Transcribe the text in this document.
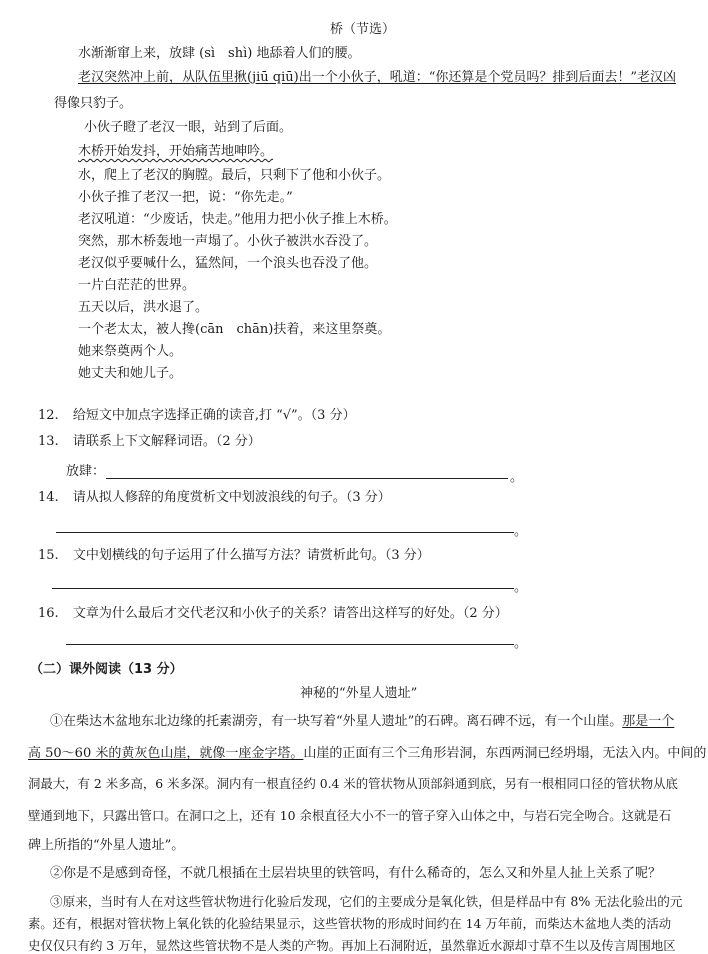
桥（节选）
水渐渐窜上来，放肆 (sì　shì) 地舔着人们的腰。
老汉突然冲上前，从队伍里揪(jiū qiū)出一个小伙子，吼道：“你还算是个党员吗？排到后面去！”老汉凶
得像只豹子。
小伙子瞪了老汉一眼，站到了后面。
木桥开始发抖，开始痛苦地呻吟。
水，爬上了老汉的胸膛。最后，只剩下了他和小伙子。
小伙子推了老汉一把，说：“你先走。”
老汉吼道：“少废话，快走。”他用力把小伙子推上木桥。
突然，那木桥轰地一声塌了。小伙子被洪水吞没了。
老汉似乎要喊什么，猛然间，一个浪头也吞没了他。
一片白茫茫的世界。
五天以后，洪水退了。
一个老太太，被人搀(cān　chān)扶着，来这里祭奠。
她来祭奠两个人。
她丈夫和她儿子。
12. 给短文中加点字选择正确的读音,打 “√”。（3 分）
13. 请联系上下文解释词语。（2 分）
放肆：	。
14. 请从拟人修辞的角度赏析文中划波浪线的句子。（3 分）
。
15. 文中划横线的句子运用了什么描写方法？请赏析此句。（3 分）
。
16. 文章为什么最后才交代老汉和小伙子的关系？请答出这样写的好处。（2 分）
。
（二）课外阅读（13 分）
神秘的“外星人遗址”
①在柴达木盆地东北边缘的托素湖旁，有一块写着“外星人遗址”的石碑。离石碑不远，有一个山崖。那是一个
高 50～60 米的黄灰色山崖，就像一座金字塔。山崖的正面有三个三角形岩洞，东西两洞已经坍塌，无法入内。中间的
洞最大，有 2 米多高，6 米多深。洞内有一根直径约 0.4 米的管状物从顶部斜通到底，另有一根相同口径的管状物从底
壁通到地下，只露出管口。在洞口之上，还有 10 余根直径大小不一的管子穿入山体之中，与岩石完全吻合。这就是石
碑上所指的“外星人遗址”。
②你是不是感到奇怪，不就几根插在土层岩块里的铁管吗，有什么稀奇的，怎么又和外星人扯上关系了呢？
③原来，当时有人在对这些管状物进行化验后发现，它们的主要成分是氧化铁，但是样品中有 8% 无法化验出的元
素。还有，根据对管状物上氧化铁的化验结果显示，这些管状物的形成时间约在 14 万年前，而柴达木盆地人类的活动
史仅仅只有约 3 万年，显然这些管状物不是人类的产物。再加上石洞附近，虽然靠近水源却寸草不生以及传言周围地区
